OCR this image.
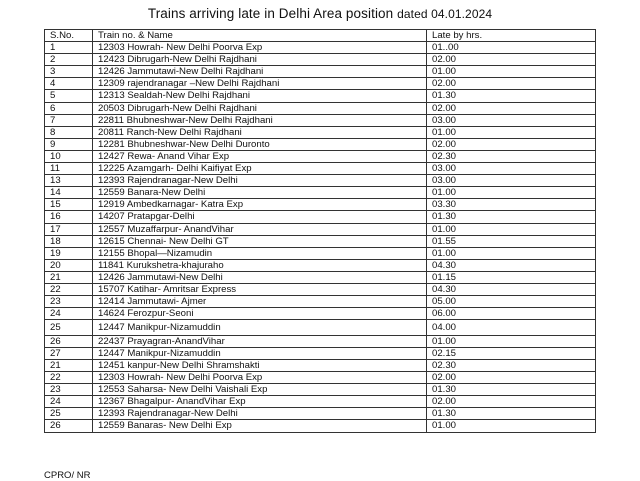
Trains arriving late in Delhi Area position dated 04.01.2024
S.No.	Train no. & Name	Late by hrs.
1	12303 Howrah- New Delhi Poorva Exp	01..00
2	12423 Dibrugarh-New Delhi Rajdhani	02.00
3	12426 Jammutawi-New Delhi Rajdhani	01.00
4	12309 rajendranagar –New Delhi Rajdhani	02.00
5	12313 Sealdah-New Delhi Rajdhani	01.30
6	20503 Dibrugarh-New Delhi Rajdhani	02.00
7	22811 Bhubneshwar-New Delhi Rajdhani	03.00
8	20811 Ranch-New Delhi Rajdhani	01.00
9	12281 Bhubneshwar-New Delhi Duronto	02.00
10	12427 Rewa- Anand Vihar Exp	02.30
11	12225 Azamgarh- Delhi Kaifiyat Exp	03.00
13	12393 Rajendranagar-New Delhi	03.00
14	12559 Banara-New Delhi	01.00
15	12919 Ambedkarnagar- Katra Exp	03.30
16	14207 Pratapgar-Delhi	01.30
17	12557 Muzaffarpur- AnandVihar	01.00
18	12615 Chennai- New Delhi GT	01.55
19	12155 Bhopal—Nizamudin	01.00
20	11841 Kurukshetra-khajuraho	04.30
21	12426 Jammutawi-New Delhi	01.15
22	15707 Katihar- Amritsar Express	04.30
23	12414 Jammutawi- Ajmer	05.00
24	14624 Ferozpur-Seoni	06.00
25	12447 Manikpur-Nizamuddin	04.00
26	22437 Prayagran-AnandVihar	01.00
27	12447 Manikpur-Nizamuddin	02.15
21	12451 kanpur-New Delhi Shramshakti	02.30
22	12303 Howrah- New Delhi Poorva Exp	02.00
23	12553 Saharsa- New Delhi Vaishali Exp	01.30
24	12367 Bhagalpur- AnandVihar Exp	02.00
25	12393 Rajendranagar-New Delhi	01.30
26	12559 Banaras- New Delhi Exp	01.00
CPRO/ NR
